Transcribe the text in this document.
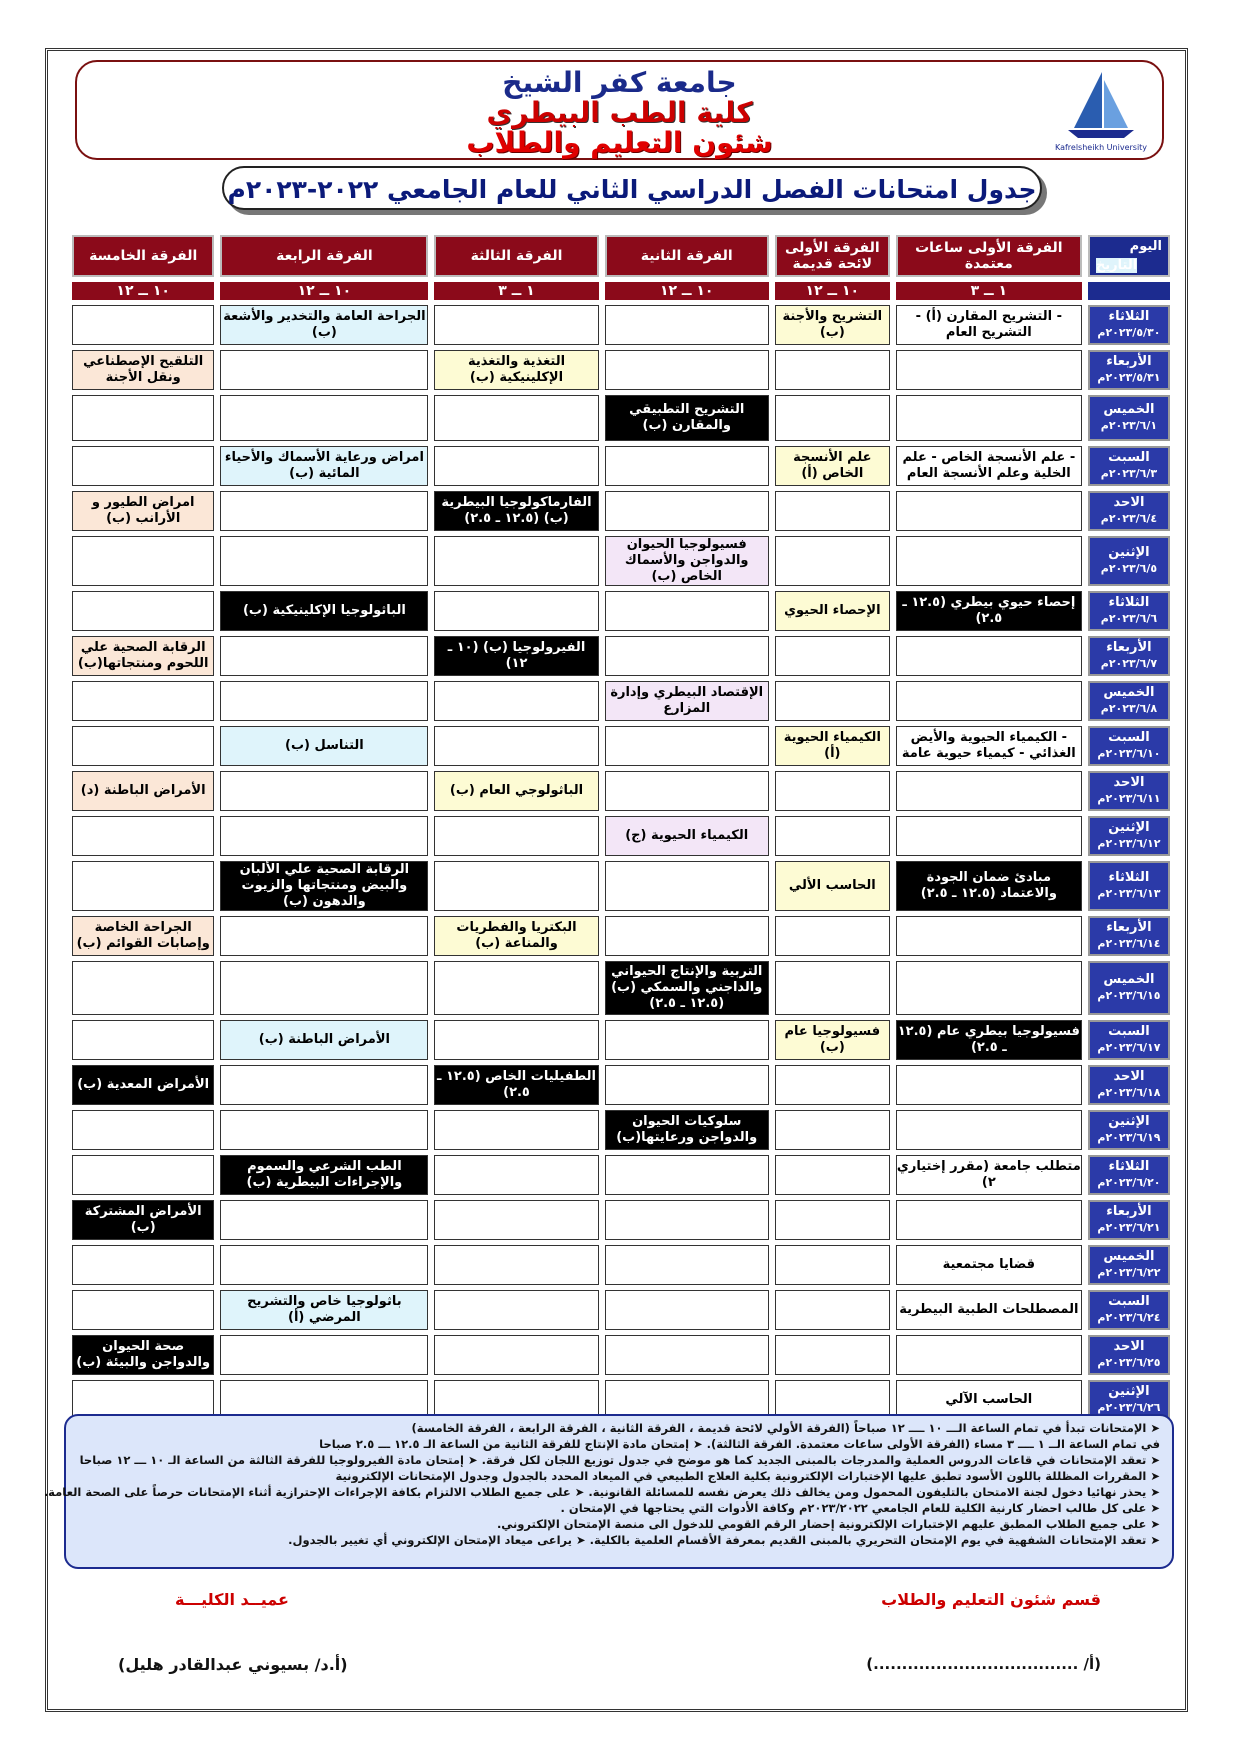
Kafrelsheikh University
جامعة كفر الشيخ
كلية الطب البيطري
شئون التعليم والطلاب
جدول امتحانات الفصل الدراسي الثاني للعام الجامعي ٢٠٢٢-٢٠٢٣م
اليوم
التاريخ	الفرقة الأولى ساعات معتمدة	الفرقة الأولى لائحة قديمة	الفرقة الثانية	الفرقة الثالثة	الفرقة الرابعة	الفرقة الخامسة
	١ ــ ٣	١٠ ــ ١٢	١٠ ــ ١٢	١ ــ ٣	١٠ ــ ١٢	١٠ ــ ١٢

الثلاثاء
٢٠٢٣/٥/٣٠م	- التشريح المقارن (أ) - التشريح العام	التشريح والأجنة (ب)			الجراحة العامة والتخدير والأشعة (ب)	

الأربعاء
٢٠٢٣/٥/٣١م				التغذية والتغذية الإكلينيكية (ب)		التلقيح الإصطناعي ونقل الأجنة

الخميس
٢٠٢٣/٦/١م			التشريح التطبيقي والمقارن (ب)			

السبت
٢٠٢٣/٦/٣م	- علم الأنسجة الخاص - علم الخلية وعلم الأنسجة العام	علم الأنسجة الخاص (أ)			امراض ورعاية الأسماك والأحياء المائية (ب)	

الاحد
٢٠٢٣/٦/٤م				الفارماكولوجيا البيطرية (ب) (١٢.٥ ـ ٢.٥)		امراض الطيور و الأرانب (ب)

الإثنين
٢٠٢٣/٦/٥م			فسيولوجيا الحيوان والدواجن والأسماك الخاص (ب)			

الثلاثاء
٢٠٢٣/٦/٦م	إحصاء حيوي بيطري (١٢.٥ ـ ٢.٥)	الإحصاء الحيوي			الباثولوجيا الإكلينيكية (ب)	

الأربعاء
٢٠٢٣/٦/٧م				الفيرولوجيا (ب) (١٠ ـ ١٢)		الرقابة الصحية علي اللحوم ومنتجاتها(ب)

الخميس
٢٠٢٣/٦/٨م			الإقتصاد البيطري وإدارة المزارع			

السبت
٢٠٢٣/٦/١٠م	- الكيمياء الحيوية والأيض الغذائي - كيمياء حيوية عامة	الكيمياء الحيوية (أ)			التناسل (ب)	

الاحد
٢٠٢٣/٦/١١م				الباثولوجي العام (ب)		الأمراض الباطنة (د)

الإثنين
٢٠٢٣/٦/١٢م			الكيمياء الحيوية (ج)			

الثلاثاء
٢٠٢٣/٦/١٣م	مبادئ ضمان الجودة والاعتماد (١٢.٥ ـ ٢.٥)	الحاسب الألي			الرقابة الصحية علي الألبان والبيض ومنتجاتها والزيوت والدهون (ب)	

الأربعاء
٢٠٢٣/٦/١٤م				البكتريا والفطريات والمناعة (ب)		الجراحة الخاصة وإصابات القوائم (ب)

الخميس
٢٠٢٣/٦/١٥م			التربية والإنتاج الحيواني والداجني والسمكي (ب) (١٢.٥ ـ ٢.٥)			

السبت
٢٠٢٣/٦/١٧م	فسيولوجيا بيطري عام (١٢.٥ ـ ٢.٥)	فسيولوجيا عام (ب)			الأمراض الباطنة (ب)	

الاحد
٢٠٢٣/٦/١٨م				الطفيليات الخاص (١٢.٥ ـ ٢.٥)		الأمراض المعدية (ب)

الإثنين
٢٠٢٣/٦/١٩م			سلوكيات الحيوان والدواجن ورعايتها(ب)			

الثلاثاء
٢٠٢٣/٦/٢٠م	متطلب جامعة (مقرر إختياري ٢)				الطب الشرعي والسموم والإجراءات البيطرية (ب)	

الأربعاء
٢٠٢٣/٦/٢١م						الأمراض المشتركة (ب)

الخميس
٢٠٢٣/٦/٢٢م	قضايا مجتمعية					

السبت
٢٠٢٣/٦/٢٤م	المصطلحات الطبية البيطرية				باثولوجيا خاص والتشريح المرضي (أ)	

الاحد
٢٠٢٣/٦/٢٥م						صحة الحيوان والدواجن والبيئة (ب)

الإثنين
٢٠٢٣/٦/٢٦م	الحاسب الآلي					
➤ الإمتحانات تبدأ في تمام الساعة الـــ ١٠ ــــ ١٢ صباحاً (الفرقة الأولي لائحة قديمة ، الفرقة الثانية ، الفرقة الرابعة ، الفرقة الخامسة)
في تمام الساعة الــ ١ ــــ ٣ مساء (الفرقة الأولى ساعات معتمدة. الفرقة الثالثة). ➤ إمتحان مادة الإنتاج للفرقة الثانية من الساعة الـ ١٢.٥ ـــ ٢.٥ صباحا
➤ تعقد الإمتحانات في قاعات الدروس العملية والمدرجات بالمبنى الجديد كما هو موضح في جدول توزيع اللجان لكل فرقة. ➤ إمتحان مادة الفيرولوجيا للفرقة الثالثة من الساعة الـ ١٠ ـــ ١٢ صباحا
➤ المقررات المظللة باللون الأسود تطبق عليها الإختبارات الإلكترونية بكلية العلاج الطبيعي في الميعاد المحدد بالجدول وجدول الإمتحانات الإلكترونية
➤ يحذر نهائيا دخول لجنة الامتحان بالتليفون المحمول ومن يخالف ذلك يعرض نفسه للمسائلة القانونية. ➤ على جميع الطلاب الالتزام بكافة الإجراءات الإحترازية أثناء الإمتحانات حرصاً على الصحة العامة.
➤ على كل طالب احضار كارنية الكلية للعام الجامعي ٢٠٢٣/٢٠٢٢م وكافة الأدوات التي يحتاجها في الإمتحان .
➤ على جميع الطلاب المطبق عليهم الإختبارات الإلكترونية إحضار الرقم القومي للدخول الى منصة الإمتحان الإلكتروني.
➤ تعقد الإمتحانات الشفهية في يوم الإمتحان التحريري بالمبنى القديم بمعرفة الأقسام العلمية بالكلية. ➤ يراعى ميعاد الإمتحان الإلكتروني أي تغيير بالجدول.
عميــد الكليـــة
(أ.د/ بسيوني عبدالقادر هليل)
قسم شئون التعليم والطلاب
(أ/ ....................................)
